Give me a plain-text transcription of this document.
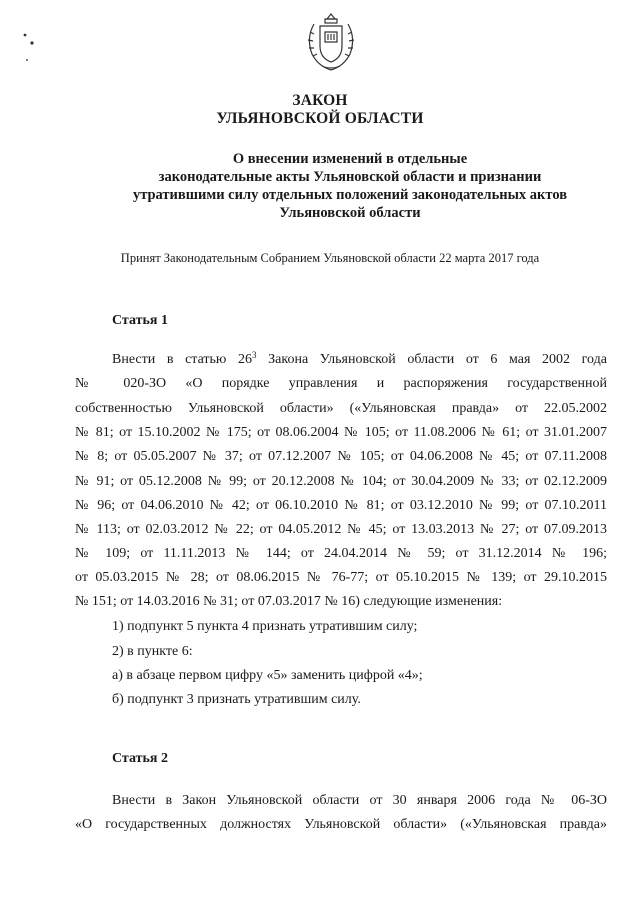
ЗАКОН
УЛЬЯНОВСКОЙ ОБЛАСТИ
О внесении изменений в отдельные
законодательные акты Ульяновской области и признании
утратившими силу отдельных положений законодательных актов
Ульяновской области
Принят Законодательным Собранием Ульяновской области 22 марта 2017 года
Статья 1
Внести в статью $26^3$ Закона Ульяновской области от 6 мая 2002 года
№ 020-ЗО «О порядке управления и распоряжения государственной
собственностью Ульяновской области» («Ульяновская правда» от 22.05.2002
№ 81; от 15.10.2002 № 175; от 08.06.2004 № 105; от 11.08.2006 № 61; от 31.01.2007
№ 8; от 05.05.2007 № 37; от 07.12.2007 № 105; от 04.06.2008 № 45; от 07.11.2008
№ 91; от 05.12.2008 № 99; от 20.12.2008 № 104; от 30.04.2009 № 33; от 02.12.2009
№ 96; от 04.06.2010 № 42; от 06.10.2010 № 81; от 03.12.2010 № 99; от 07.10.2011
№ 113; от 02.03.2012 № 22; от 04.05.2012 № 45; от 13.03.2013 № 27; от 07.09.2013
№ 109; от 11.11.2013 № 144; от 24.04.2014 № 59; от 31.12.2014 № 196;
от 05.03.2015 № 28; от 08.06.2015 № 76-77; от 05.10.2015 № 139; от 29.10.2015
№ 151; от 14.03.2016 № 31; от 07.03.2017 № 16) следующие изменения:
1) подпункт 5 пункта 4 признать утратившим силу;
2) в пункте 6:
а) в абзаце первом цифру «5» заменить цифрой «4»;
б) подпункт 3 признать утратившим силу.
Статья 2
Внести в Закон Ульяновской области от 30 января 2006 года № 06-ЗО
«О государственных должностях Ульяновской области» («Ульяновская правда»
